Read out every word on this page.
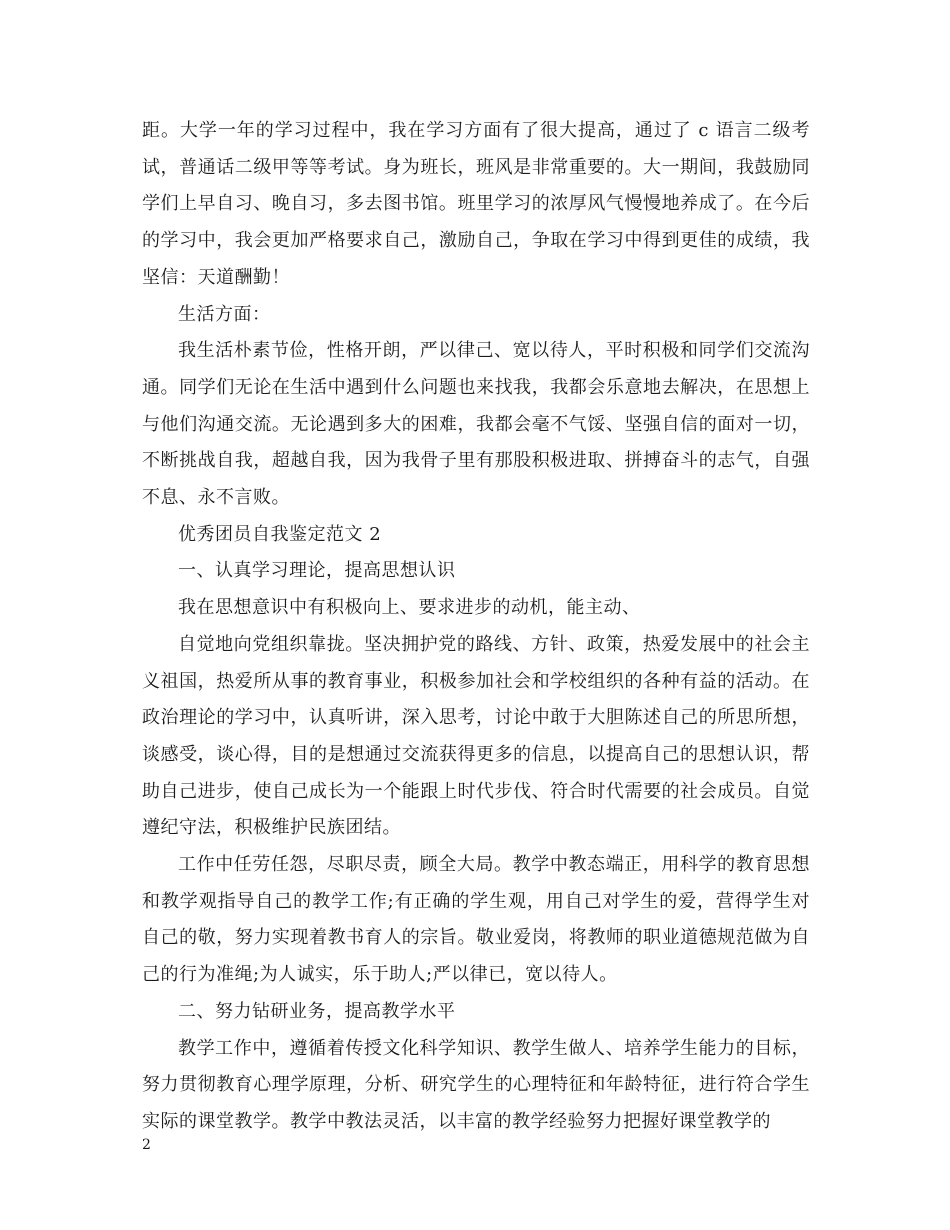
距。大学一年的学习过程中，我在学习方面有了很大提高，通过了 c 语言二级考试，普通话二级甲等等考试。身为班长，班风是非常重要的。大一期间，我鼓励同学们上早自习、晚自习，多去图书馆。班里学习的浓厚风气慢慢地养成了。在今后的学习中，我会更加严格要求自己，激励自己，争取在学习中得到更佳的成绩，我坚信：天道酬勤！

生活方面：

我生活朴素节俭，性格开朗，严以律己、宽以待人，平时积极和同学们交流沟通。同学们无论在生活中遇到什么问题也来找我，我都会乐意地去解决，在思想上与他们沟通交流。无论遇到多大的困难，我都会毫不气馁、坚强自信的面对一切，不断挑战自我，超越自我，因为我骨子里有那股积极进取、拼搏奋斗的志气，自强不息、永不言败。

优秀团员自我鉴定范文 2

一、认真学习理论，提高思想认识

我在思想意识中有积极向上、要求进步的动机，能主动、

自觉地向党组织靠拢。坚决拥护党的路线、方针、政策，热爱发展中的社会主义祖国，热爱所从事的教育事业，积极参加社会和学校组织的各种有益的活动。在政治理论的学习中，认真听讲，深入思考，讨论中敢于大胆陈述自己的所思所想，谈感受，谈心得，目的是想通过交流获得更多的信息，以提高自己的思想认识，帮助自己进步，使自己成长为一个能跟上时代步伐、符合时代需要的社会成员。自觉遵纪守法，积极维护民族团结。

工作中任劳任怨，尽职尽责，顾全大局。教学中教态端正，用科学的教育思想和教学观指导自己的教学工作;有正确的学生观，用自己对学生的爱，营得学生对自己的敬，努力实现着教书育人的宗旨。敬业爱岗，将教师的职业道德规范做为自己的行为准绳;为人诚实，乐于助人;严以律已，宽以待人。

二、努力钻研业务，提高教学水平

教学工作中，遵循着传授文化科学知识、教学生做人、培养学生能力的目标，努力贯彻教育心理学原理，分析、研究学生的心理特征和年龄特征，进行符合学生实际的课堂教学。教学中教法灵活，以丰富的教学经验努力把握好课堂教学的

2
